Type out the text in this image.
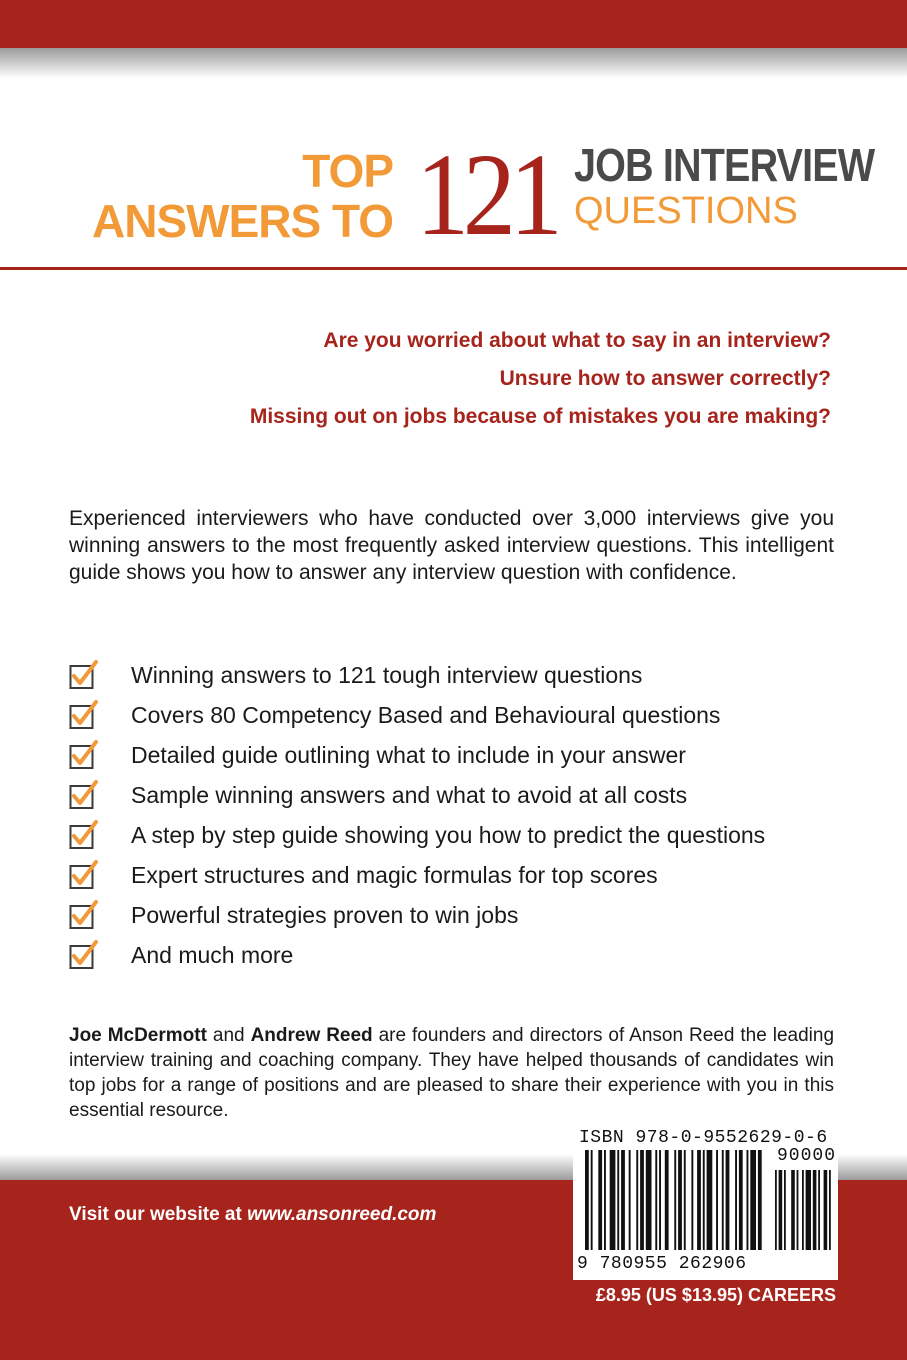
TOP
ANSWERS TO 121 JOB INTERVIEW
QUESTIONS
Are you worried about what to say in an interview?
Unsure how to answer correctly?
Missing out on jobs because of mistakes you are making?
Experienced interviewers who have conducted over 3,000 interviews give you winning answers to the most frequently asked interview questions. This intelligent guide shows you how to answer any interview question with confidence.
Winning answers to 121 tough interview questions
Covers 80 Competency Based and Behavioural questions
Detailed guide outlining what to include in your answer
Sample winning answers and what to avoid at all costs
A step by step guide showing you how to predict the questions
Expert structures and magic formulas for top scores
Powerful strategies proven to win jobs
And much more
Joe McDermott and Andrew Reed are founders and directors of Anson Reed the leading interview training and coaching company. They have helped thousands of candidates win top jobs for a range of positions and are pleased to share their experience with you in this essential resource.
Visit our website at www.ansonreed.com
ISBN 978-0-9552629-0-6
90000
9 780955 262906
£8.95 (US $13.95) CAREERS
